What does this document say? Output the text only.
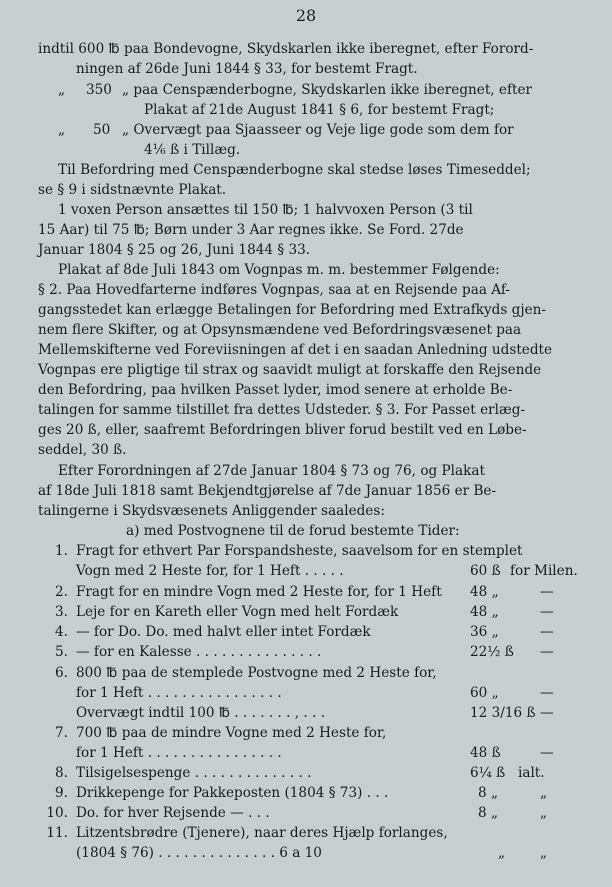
28
indtil 600 ℔ paa Bondevogne, Skydskarlen ikke iberegnet, efter Forord-
ningen af 26de Juni 1844 § 33, for bestemt Fragt.
„ 350 „ paa Censpænderbogne, Skydskarlen ikke iberegnet, efter
Plakat af 21de August 1841 § 6, for bestemt Fragt;
„ 50 „ Overvægt paa Sjaasseer og Veje lige gode som dem for
4⅙ ß i Tillæg.
Til Befordring med Censpænderbogne skal stedse løses Timeseddel;
se § 9 i sidstnævnte Plakat.
1 voxen Person ansættes til 150 ℔; 1 halvvoxen Person (3 til
15 Aar) til 75 ℔; Børn under 3 Aar regnes ikke. Se Ford. 27de
Januar 1804 § 25 og 26, Juni 1844 § 33.
Plakat af 8de Juli 1843 om Vognpas m. m. bestemmer Følgende:
§ 2. Paa Hovedfarterne indføres Vognpas, saa at en Rejsende paa Af-
gangsstedet kan erlægge Betalingen for Befordring med Extrafkyds gjen-
nem flere Skifter, og at Opsynsmændene ved Befordringsvæsenet paa
Mellemskifterne ved Foreviisningen af det i en saadan Anledning udstedte
Vognpas ere pligtige til strax og saavidt muligt at forskaffe den Rejsende
den Befordring, paa hvilken Passet lyder, imod senere at erholde Be-
talingen for samme tilstillet fra dettes Udsteder. § 3. For Passet erlæg-
ges 20 ß, eller, saafremt Befordringen bliver forud bestilt ved en Løbe-
seddel, 30 ß.
Efter Forordningen af 27de Januar 1804 § 73 og 76, og Plakat
af 18de Juli 1818 samt Bekjendtgjørelse af 7de Januar 1856 er Be-
talingerne i Skydsvæsenets Anliggender saaledes:
a) med Postvognene til de forud bestemte Tider:
1. Fragt for ethvert Par Forspandsheste, saavelsom for en stemplet
Vogn med 2 Heste for, for 1 Heft . . . . .	60 ß for Milen.
2. Fragt for en mindre Vogn med 2 Heste for, for 1 Heft 48 „	—
3. Leje for en Kareth eller Vogn med helt Fordæk	48 „	—
4. — for Do. Do. med halvt eller intet Fordæk	36 „	—
5. — for en Kalesse . . . . . . . . . . . . . . .	22½ ß —
6. 800 ℔ paa de stemplede Postvogne med 2 Heste for,
for 1 Heft . . . . . . . . . . . . . . . .	60 „	—
Overvægt indtil 100 ℔ . . . . . . . , . . .	12 3/16 ß —
7. 700 ℔ paa de mindre Vogne med 2 Heste for,
for 1 Heft . . . . . . . . . . . . . . . .	48 ß	—
8. Tilsigelsespenge . . . . . . . . . . . . . .	6¼ ß ialt.
9. Drikkepenge for Pakkeposten (1804 § 73) . . .	8 „	„
10. Do. for hver Rejsende — . . .	8 „	„
11. Litzentsbrødre (Tjenere), naar deres Hjælp forlanges,
(1804 § 76) . . . . . . . . . . . . . . 6 a 10	„	„
